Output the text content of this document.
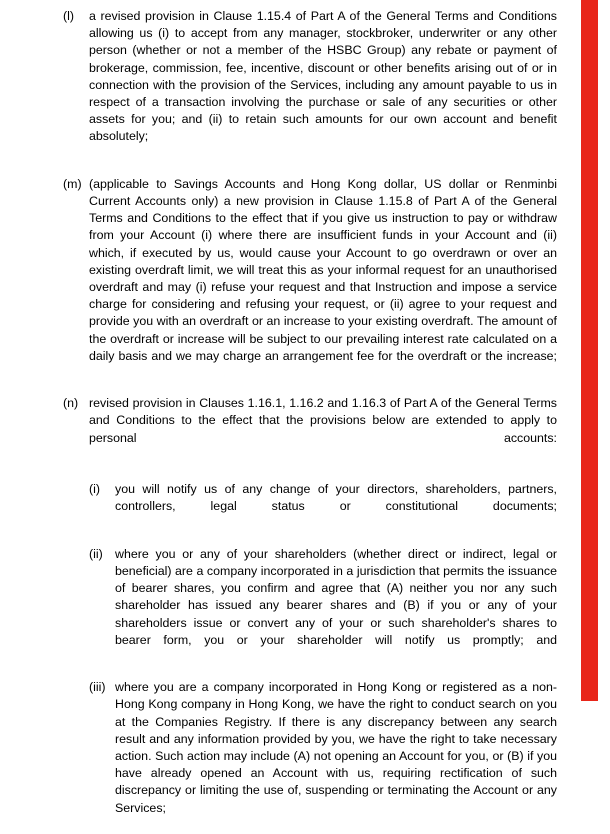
(l)	a revised provision in Clause 1.15.4 of Part A of the General Terms and Conditions allowing us (i) to accept from any manager, stockbroker, underwriter or any other person (whether or not a member of the HSBC Group) any rebate or payment of brokerage, commission, fee, incentive, discount or other benefits arising out of or in connection with the provision of the Services, including any amount payable to us in respect of a transaction involving the purchase or sale of any securities or other assets for you; and (ii) to retain such amounts for our own account and benefit absolutely;
(m) (applicable to Savings Accounts and Hong Kong dollar, US dollar or Renminbi Current Accounts only) a new provision in Clause 1.15.8 of Part A of the General Terms and Conditions to the effect that if you give us instruction to pay or withdraw from your Account (i) where there are insufficient funds in your Account and (ii) which, if executed by us, would cause your Account to go overdrawn or over an existing overdraft limit, we will treat this as your informal request for an unauthorised overdraft and may (i) refuse your request and that Instruction and impose a service charge for considering and refusing your request, or (ii) agree to your request and provide you with an overdraft or an increase to your existing overdraft. The amount of the overdraft or increase will be subject to our prevailing interest rate calculated on a daily basis and we may charge an arrangement fee for the overdraft or the increase;
(n) revised provision in Clauses 1.16.1, 1.16.2 and 1.16.3 of Part A of the General Terms and Conditions to the effect that the provisions below are extended to apply to personal accounts:
(i)	you will notify us of any change of your directors, shareholders, partners, controllers, legal status or constitutional documents;
(ii) where you or any of your shareholders (whether direct or indirect, legal or beneficial) are a company incorporated in a jurisdiction that permits the issuance of bearer shares, you confirm and agree that (A) neither you nor any such shareholder has issued any bearer shares and (B) if you or any of your shareholders issue or convert any of your or such shareholder's shares to bearer form, you or your shareholder will notify us promptly; and
(iii) where you are a company incorporated in Hong Kong or registered as a non-Hong Kong company in Hong Kong, we have the right to conduct search on you at the Companies Registry. If there is any discrepancy between any search result and any information provided by you, we have the right to take necessary action. Such action may include (A) not opening an Account for you, or (B) if you have already opened an Account with us, requiring rectification of such discrepancy or limiting the use of, suspending or terminating the Account or any Services;
